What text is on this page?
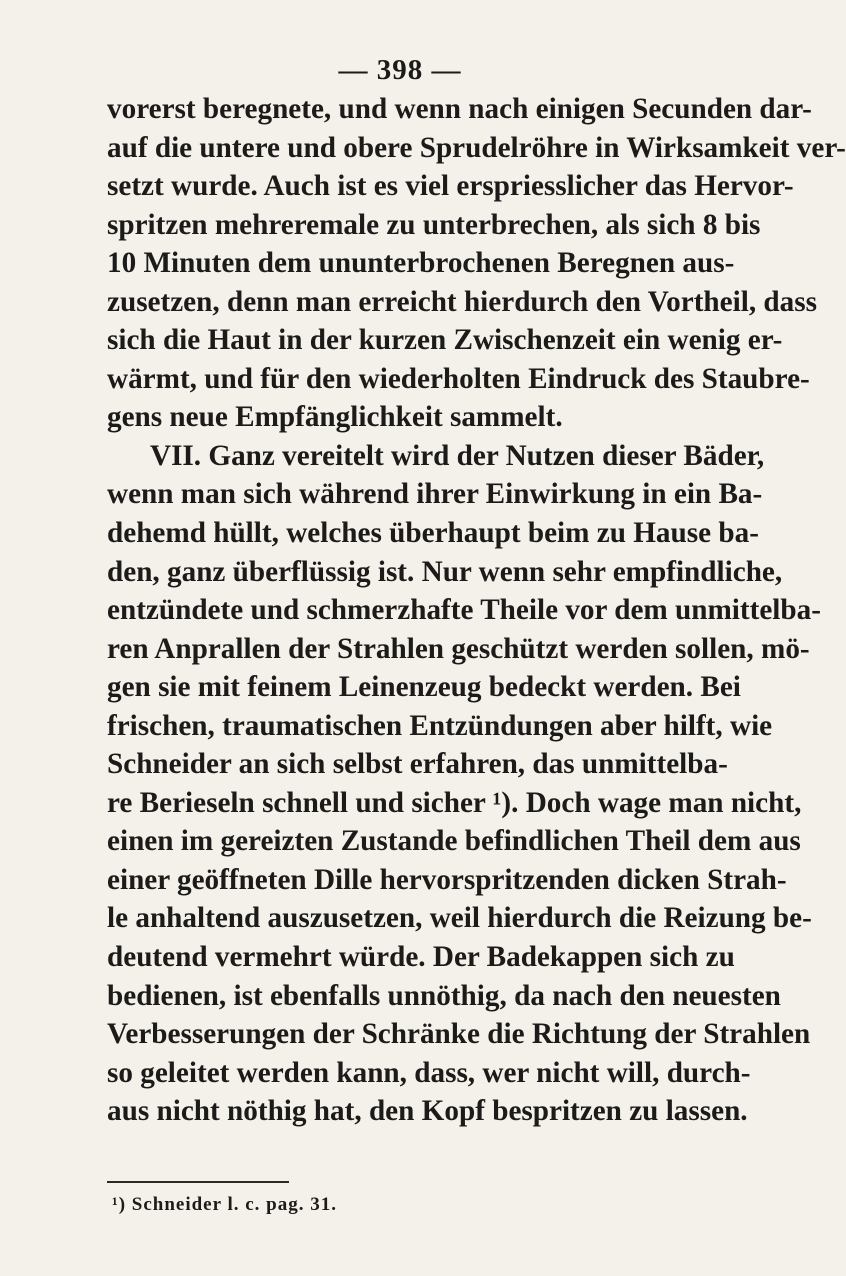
— 398 —
vorerst beregnete, und wenn nach einigen Secunden dar-
auf die untere und obere Sprudelröhre in Wirksamkeit ver-
setzt wurde. Auch ist es viel erspriesslicher das Hervor-
spritzen mehreremale zu unterbrechen, als sich 8 bis
10 Minuten dem ununterbrochenen Beregnen aus-
zusetzen, denn man erreicht hierdurch den Vortheil, dass
sich die Haut in der kurzen Zwischenzeit ein wenig er-
wärmt, und für den wiederholten Eindruck des Staubre-
gens neue Empfänglichkeit sammelt.
VII. Ganz vereitelt wird der Nutzen dieser Bäder,
wenn man sich während ihrer Einwirkung in ein Ba-
dehemd hüllt, welches überhaupt beim zu Hause ba-
den, ganz überflüssig ist. Nur wenn sehr empfindliche,
entzündete und schmerzhafte Theile vor dem unmittelba-
ren Anprallen der Strahlen geschützt werden sollen, mö-
gen sie mit feinem Leinenzeug bedeckt werden. Bei
frischen, traumatischen Entzündungen aber hilft, wie
Schneider an sich selbst erfahren, das unmittelba-
re Berieseln schnell und sicher ¹). Doch wage man nicht,
einen im gereizten Zustande befindlichen Theil dem aus
einer geöffneten Dille hervorspritzenden dicken Strah-
le anhaltend auszusetzen, weil hierdurch die Reizung be-
deutend vermehrt würde. Der Badekappen sich zu
bedienen, ist ebenfalls unnöthig, da nach den neuesten
Verbesserungen der Schränke die Richtung der Strahlen
so geleitet werden kann, dass, wer nicht will, durch-
aus nicht nöthig hat, den Kopf bespritzen zu lassen.
¹) Schneider l. c. pag. 31.
